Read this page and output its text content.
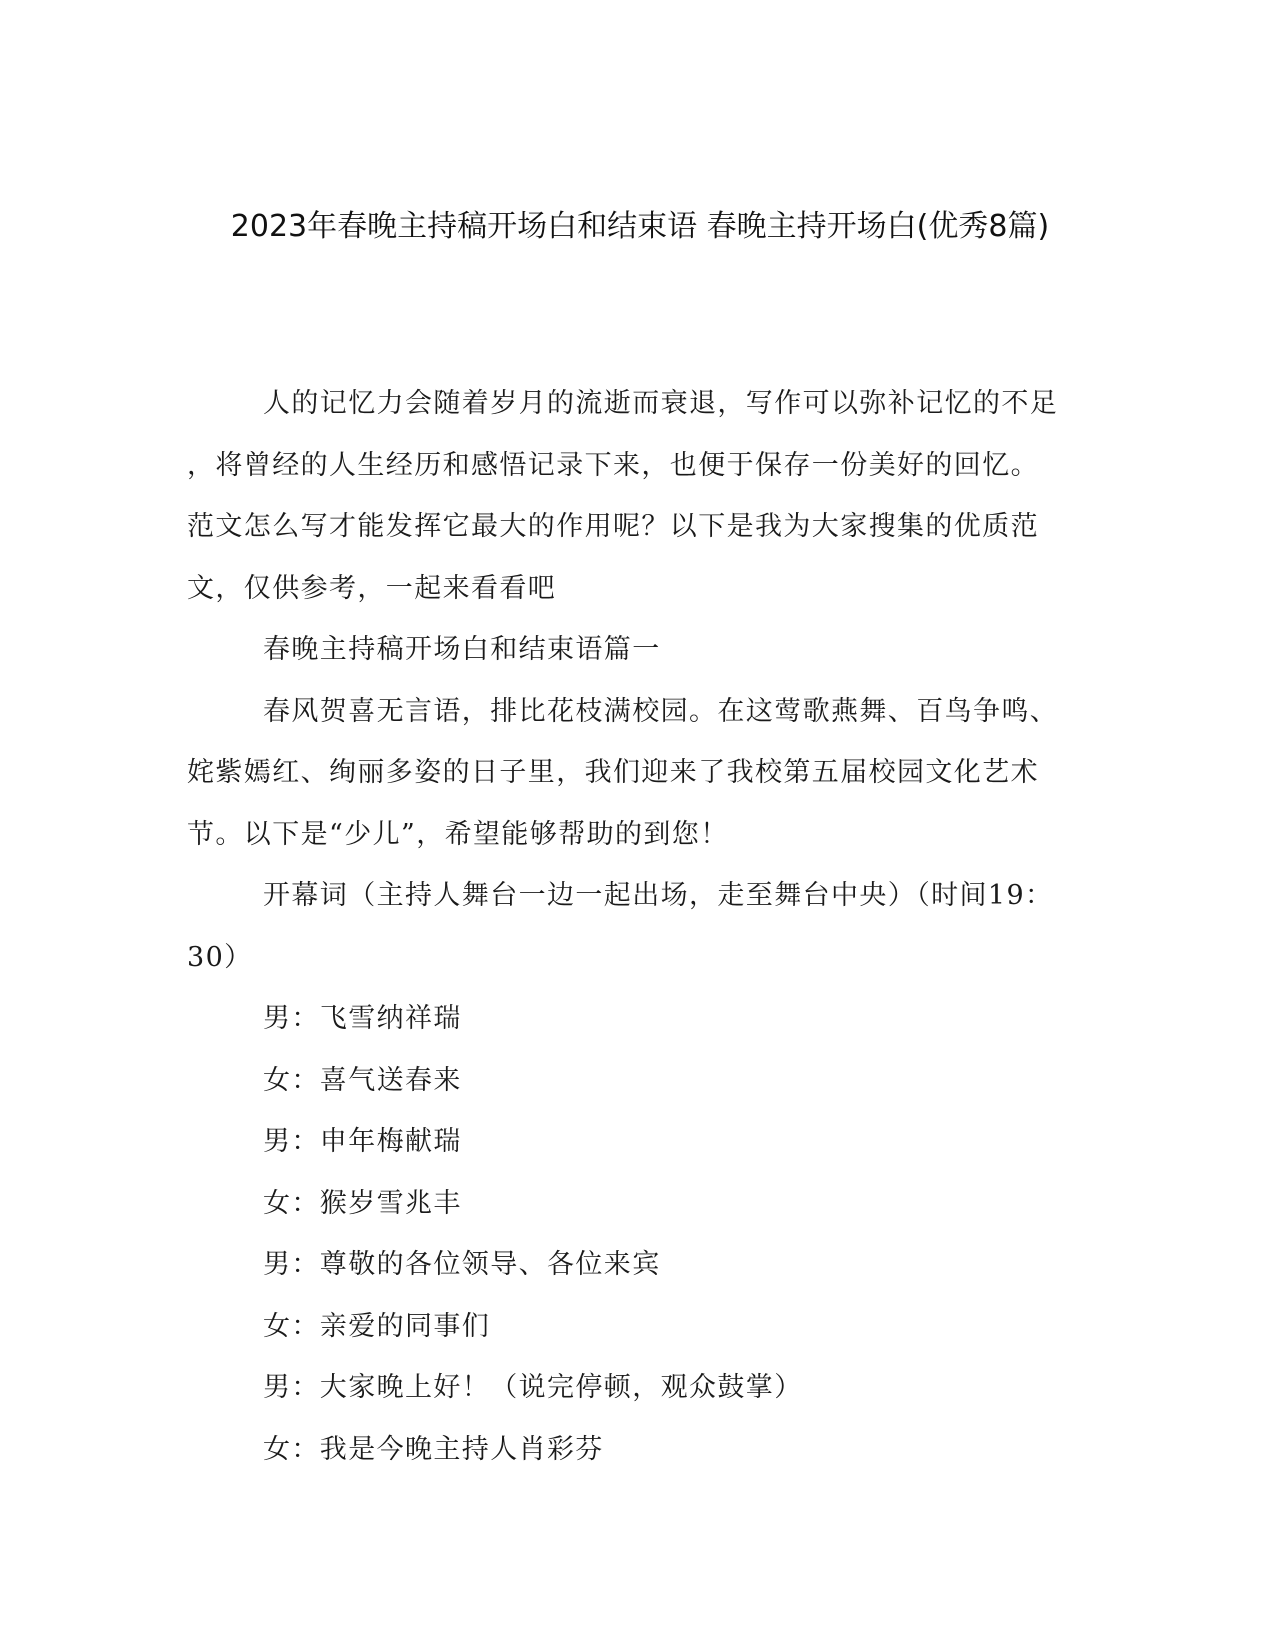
2023年春晚主持稿开场白和结束语 春晚主持开场白(优秀8篇)
人的记忆力会随着岁月的流逝而衰退，写作可以弥补记忆的不足
，将曾经的人生经历和感悟记录下来，也便于保存一份美好的回忆。
范文怎么写才能发挥它最大的作用呢？以下是我为大家搜集的优质范
文，仅供参考，一起来看看吧
春晚主持稿开场白和结束语篇一
春风贺喜无言语，排比花枝满校园。在这莺歌燕舞、百鸟争鸣、
姹紫嫣红、绚丽多姿的日子里，我们迎来了我校第五届校园文化艺术
节。以下是“少儿”，希望能够帮助的到您！
开幕词（主持人舞台一边一起出场，走至舞台中央）（时间19：
30）
男：飞雪纳祥瑞
女：喜气送春来
男：申年梅献瑞
女：猴岁雪兆丰
男：尊敬的各位领导、各位来宾
女：亲爱的同事们
男：大家晚上好！（说完停顿，观众鼓掌）
女：我是今晚主持人肖彩芬
